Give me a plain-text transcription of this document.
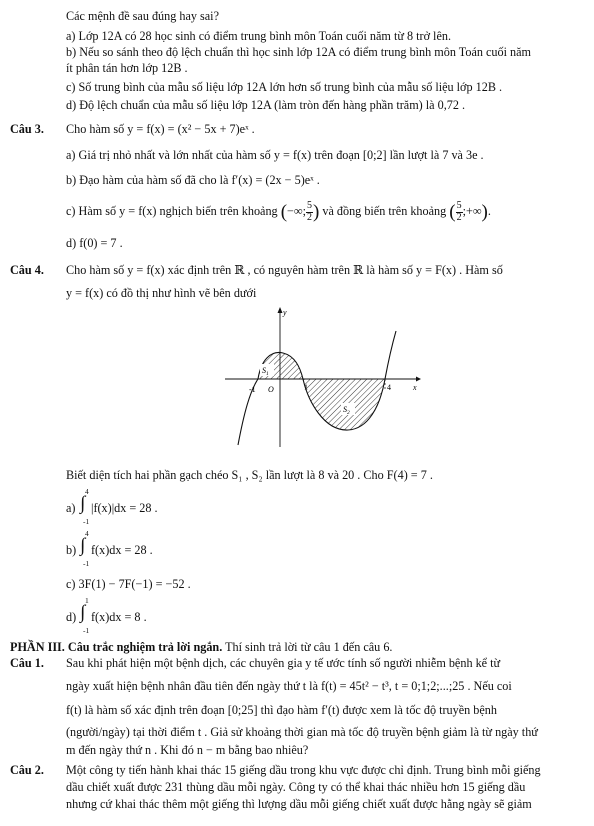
Các mệnh đề sau đúng hay sai?
a) Lớp 12A có 28 học sinh có điểm trung bình môn Toán cuối năm từ 8 trở lên.
b) Nếu so sánh theo độ lệch chuẩn thì học sinh lớp 12A có điểm trung bình môn Toán cuối năm
ít phân tán hơn lớp 12B .
c) Số trung bình của mẫu số liệu lớp 12A lớn hơn số trung bình của mẫu số liệu lớp 12B .
d) Độ lệch chuẩn của mẫu số liệu lớp 12A (làm tròn đến hàng phần trăm) là 0,72 .
Câu 3. Cho hàm số y = f(x) = (x² − 5x + 7)eˣ .
a) Giá trị nhỏ nhất và lớn nhất của hàm số y = f(x) trên đoạn [0;2] lần lượt là 7 và 3e .
b) Đạo hàm của hàm số đã cho là f′(x) = (2x − 5)eˣ .
c) Hàm số y = f(x) nghịch biến trên khoảng (−∞; $\frac{5}{2}$ ) và đồng biến trên khoảng ( $\frac{5}{2}$ ;+∞).
d) f(0) = 7 .
Câu 4. Cho hàm số y = f(x) xác định trên ℝ , có nguyên hàm trên ℝ là hàm số y = F(x) . Hàm số
y = f(x) có đồ thị như hình vẽ bên dưới
y
x
O
-1	1	4
$S_1$
$S_2$
Biết diện tích hai phần gạch chéo S₁ , S₂ lần lượt là 8 và 20 . Cho F(4) = 7 .
a) ∫
4
-1
|f(x)|dx = 28 .
b) ∫
4
-1
f(x)dx = 28 .
c) 3F(1) − 7F(−1) = −52 .
d) ∫
1
-1
f(x)dx = 8 .
PHẦN III. Câu trắc nghiệm trả lời ngắn. Thí sinh trả lời từ câu 1 đến câu 6.
Câu 1. Sau khi phát hiện một bệnh dịch, các chuyên gia y tế ước tính số người nhiễm bệnh kể từ
ngày xuất hiện bệnh nhân đầu tiên đến ngày thứ t là f(t) = 45t² − t³, t = 0;1;2;...;25 . Nếu coi
f(t) là hàm số xác định trên đoạn [0;25] thì đạo hàm f′(t) được xem là tốc độ truyền bệnh
(người/ngày) tại thời điểm t . Giả sử khoảng thời gian mà tốc độ truyền bệnh giảm là từ ngày thứ
m đến ngày thứ n . Khi đó n − m bằng bao nhiêu?
Câu 2. Một công ty tiến hành khai thác 15 giếng dầu trong khu vực được chỉ định. Trung bình mỗi giếng
dầu chiết xuất được 231 thùng dầu mỗi ngày. Công ty có thể khai thác nhiều hơn 15 giếng dầu
nhưng cứ khai thác thêm một giếng thì lượng dầu mỗi giếng chiết xuất được hằng ngày sẽ giảm
